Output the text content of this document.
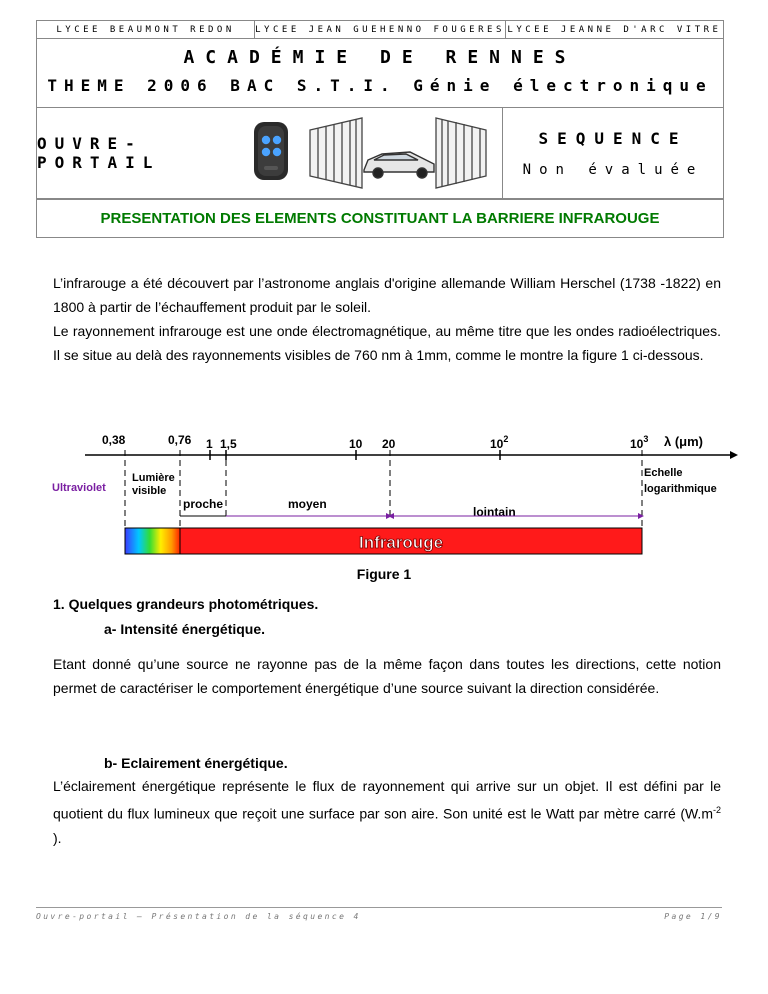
LYCEE BEAUMONT REDON	LYCEE JEAN GUEHENNO FOUGERES LYCEE JEANNE D'ARC VITRE
ACADÉMIE DE RENNES
THEME 2006 BAC S.T.I. Génie électronique
OUVRE-PORTAIL
SEQUENCE
Non évaluée
PRESENTATION DES ELEMENTS CONSTITUANT LA BARRIERE INFRAROUGE
L’infrarouge a été découvert par l’astronome anglais d'origine allemande William Herschel (1738 -1822) en 1800 à partir de l’échauffement produit par le soleil.
Le rayonnement infrarouge est une onde électromagnétique, au même titre que les ondes radioélectriques. Il se situe au delà des rayonnements visibles de 760 nm à 1mm, comme le montre la figure 1 ci-dessous.
0,38	0,76 1 1,5	10 20	$10^2$	$10^3$ λ (μm)
Echelle
logarithmique
Ultraviolet
Lumière
visible
proche	moyen
lointain
Infrarouge
Figure 1
1. Quelques grandeurs photométriques.
a- Intensité énergétique.
Etant donné qu’une source ne rayonne pas de la même façon dans toutes les directions, cette notion permet de caractériser le comportement énergétique d’une source suivant la direction considérée.
b- Eclairement énergétique.
L’éclairement énergétique représente le flux de rayonnement qui arrive sur un objet. Il est défini par le quotient du flux lumineux que reçoit une surface par son aire. Son unité est le Watt par mètre carré ($W.m^{-2}$ ).
Ouvre-portail – Présentation de la séquence 4	Page 1/9
